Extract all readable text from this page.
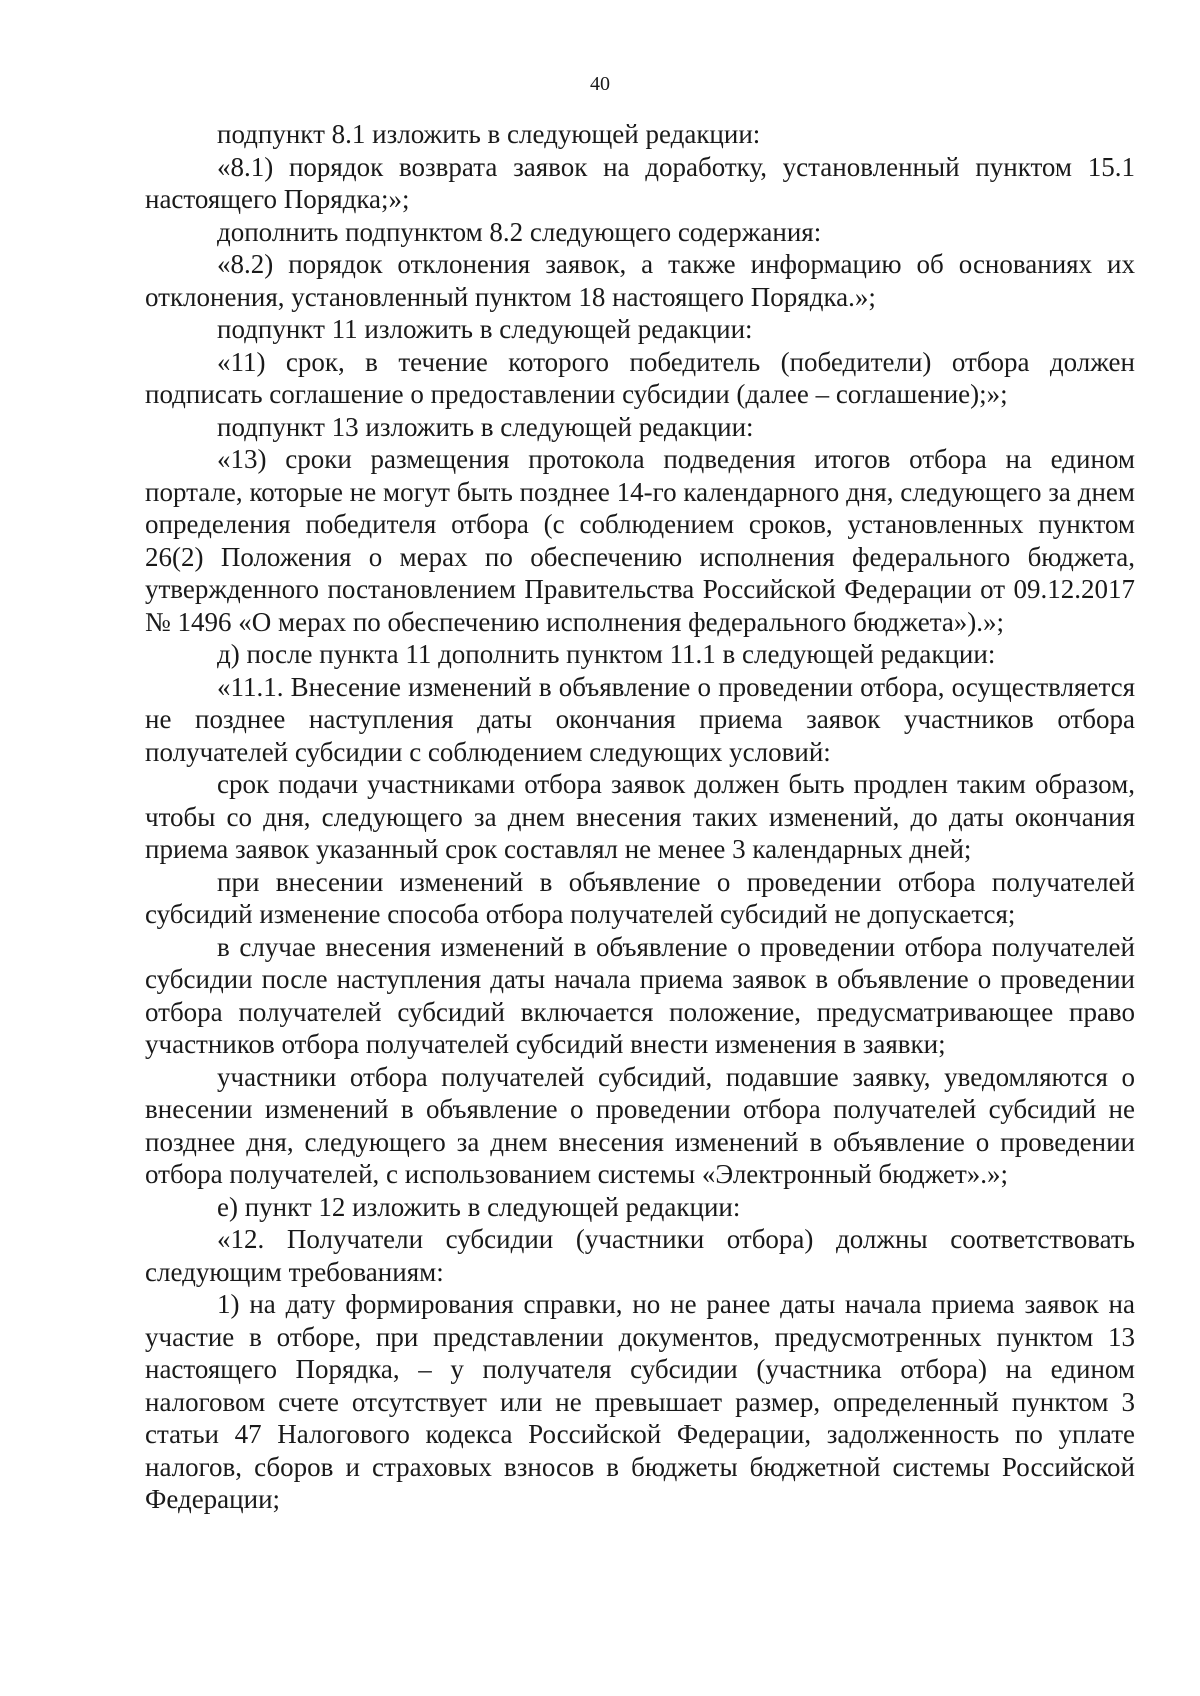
40

подпункт 8.1 изложить в следующей редакции:

«8.1) порядок возврата заявок на доработку, установленный пунктом 15.1 настоящего Порядка;»;

дополнить подпунктом 8.2 следующего содержания:

«8.2) порядок отклонения заявок, а также информацию об основаниях их отклонения, установленный пунктом 18 настоящего Порядка.»;

подпункт 11 изложить в следующей редакции:

«11) срок, в течение которого победитель (победители) отбора должен подписать соглашение о предоставлении субсидии (далее – соглашение);»;

подпункт 13 изложить в следующей редакции:

«13) сроки размещения протокола подведения итогов отбора на едином портале, которые не могут быть позднее 14-го календарного дня, следующего за днем определения победителя отбора (с соблюдением сроков, установленных пунктом 26(2) Положения о мерах по обеспечению исполнения федерального бюджета, утвержденного постановлением Правительства Российской Федерации от 09.12.2017 № 1496 «О мерах по обеспечению исполнения федерального бюджета»).»;

д) после пункта 11 дополнить пунктом 11.1 в следующей редакции:

«11.1. Внесение изменений в объявление о проведении отбора, осуществляется не позднее наступления даты окончания приема заявок участников отбора получателей субсидии с соблюдением следующих условий:

срок подачи участниками отбора заявок должен быть продлен таким образом, чтобы со дня, следующего за днем внесения таких изменений, до даты окончания приема заявок указанный срок составлял не менее 3 календарных дней;

при внесении изменений в объявление о проведении отбора получателей субсидий изменение способа отбора получателей субсидий не допускается;

в случае внесения изменений в объявление о проведении отбора получателей субсидии после наступления даты начала приема заявок в объявление о проведении отбора получателей субсидий включается положение, предусматривающее право участников отбора получателей субсидий внести изменения в заявки;

участники отбора получателей субсидий, подавшие заявку, уведомляются о внесении изменений в объявление о проведении отбора получателей субсидий не позднее дня, следующего за днем внесения изменений в объявление о проведении отбора получателей, с использованием системы «Электронный бюджет».»;

е) пункт 12 изложить в следующей редакции:

«12. Получатели субсидии (участники отбора) должны соответствовать следующим требованиям:

1) на дату формирования справки, но не ранее даты начала приема заявок на участие в отборе, при представлении документов, предусмотренных пунктом 13 настоящего Порядка, – у получателя субсидии (участника отбора) на едином налоговом счете отсутствует или не превышает размер, определенный пунктом 3 статьи 47 Налогового кодекса Российской Федерации, задолженность по уплате налогов, сборов и страховых взносов в бюджеты бюджетной системы Российской Федерации;
